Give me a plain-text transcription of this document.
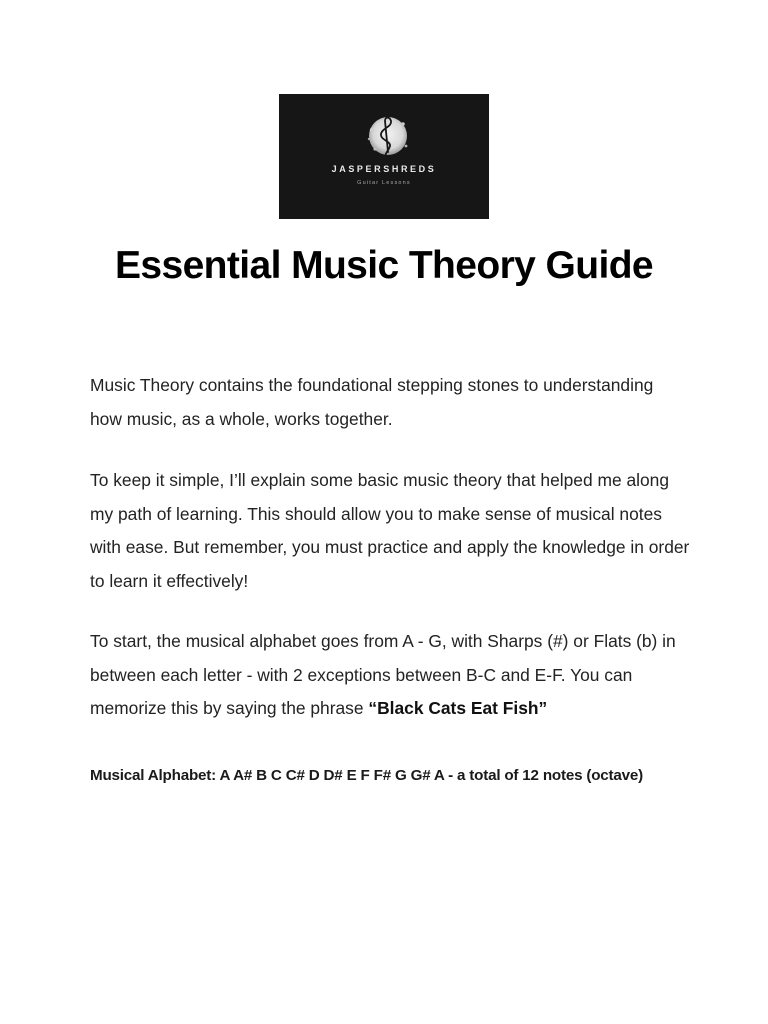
JASPERSHREDS
Guitar Lessons
Essential Music Theory Guide

Music Theory contains the foundational stepping stones to understanding how music, as a whole, works together.

To keep it simple, I’ll explain some basic music theory that helped me along my path of learning. This should allow you to make sense of musical notes with ease. But remember, you must practice and apply the knowledge in order to learn it effectively!

To start, the musical alphabet goes from A - G, with Sharps (#) or Flats (b) in between each letter - with 2 exceptions between B-C and E-F. You can memorize this by saying the phrase “Black Cats Eat Fish”

Musical Alphabet: A A# B C C# D D# E F F# G G# A - a total of 12 notes (octave)
